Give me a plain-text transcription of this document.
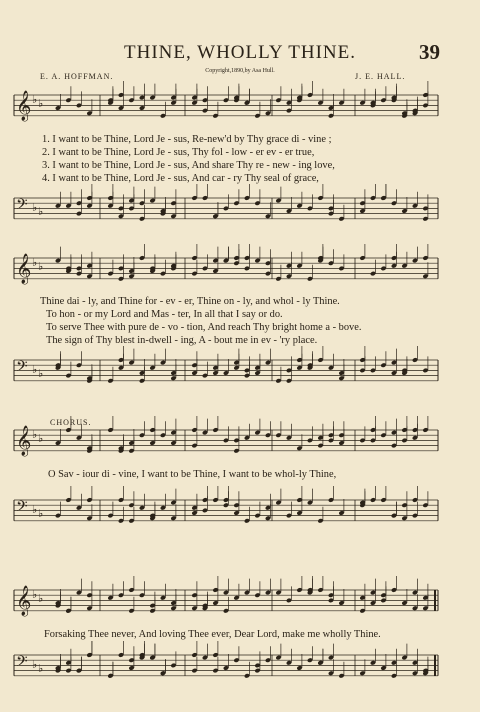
THINE, WHOLLY THINE.	39
Copyright,1890,by Asa Hull.
E. A. HOFFMAN.	J. E. HALL.
𝄞 ♭ ♭
𝄢 ♭ ♭
𝄞 ♭ ♭
𝄢 ♭ ♭
𝄞 ♭ ♭
𝄢 ♭ ♭
𝄞 ♭ ♭
𝄢 ♭ ♭
1. I want to be Thine, Lord Je - sus, Re-new'd by Thy grace di - vine ;
2. I want to be Thine, Lord Je - sus, Thy fol - low - er ev - er true,
3. I want to be Thine, Lord Je - sus, And share Thy re - new - ing love,
4. I want to be Thine, Lord Je - sus, And car - ry Thy seal of grace,
Thine dai - ly, and Thine for - ev - er, Thine on - ly, and whol - ly Thine.
To hon - or my Lord and Mas - ter, In all that I say or do.
To serve Thee with pure de - vo - tion, And reach Thy bright home a - bove.
The sign of Thy blest in-dwell - ing, A - bout me in ev - 'ry place.
CHORUS.
O Sav - iour di - vine, I want to be Thine, I want to be whol-ly Thine,
Forsaking Thee never, And loving Thee ever, Dear Lord, make me wholly Thine.
